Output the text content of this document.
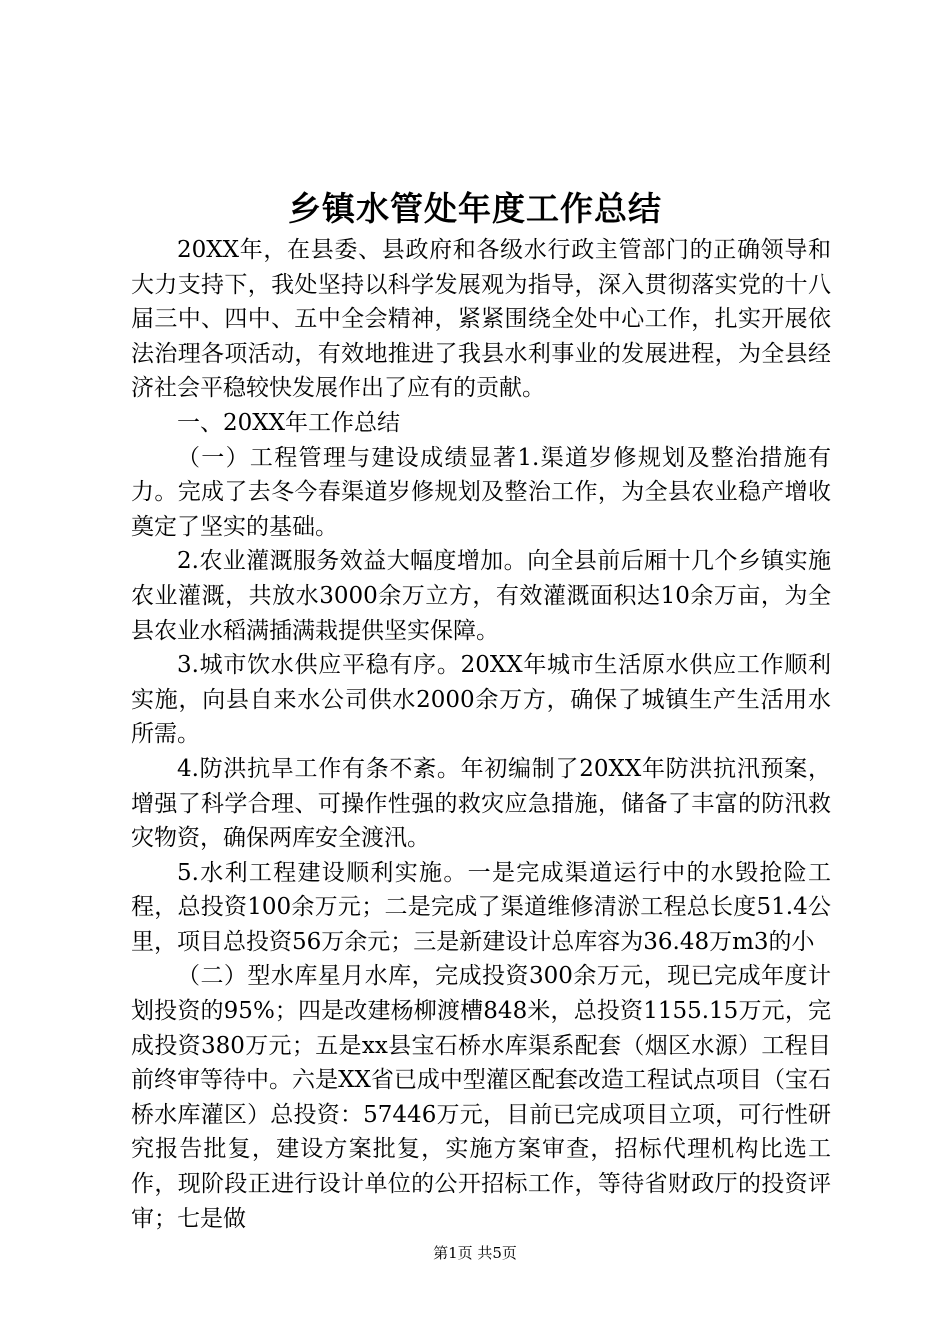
乡镇水管处年度工作总结

20XX年，在县委、县政府和各级水行政主管部门的正确领导和大力支持下，我处坚持以科学发展观为指导，深入贯彻落实党的十八届三中、四中、五中全会精神，紧紧围绕全处中心工作，扎实开展依法治理各项活动，有效地推进了我县水利事业的发展进程，为全县经济社会平稳较快发展作出了应有的贡献。

一、20XX年工作总结

（一）工程管理与建设成绩显著1.渠道岁修规划及整治措施有力。完成了去冬今春渠道岁修规划及整治工作，为全县农业稳产增收奠定了坚实的基础。

2.农业灌溉服务效益大幅度增加。向全县前后厢十几个乡镇实施农业灌溉，共放水3000余万立方，有效灌溉面积达10余万亩，为全县农业水稻满插满栽提供坚实保障。

3.城市饮水供应平稳有序。20XX年城市生活原水供应工作顺利实施，向县自来水公司供水2000余万方，确保了城镇生产生活用水所需。

4.防洪抗旱工作有条不紊。年初编制了20XX年防洪抗汛预案，增强了科学合理、可操作性强的救灾应急措施，储备了丰富的防汛救灾物资，确保两库安全渡汛。

5.水利工程建设顺利实施。一是完成渠道运行中的水毁抢险工程，总投资100余万元；二是完成了渠道维修清淤工程总长度51.4公里，项目总投资56万余元；三是新建设计总库容为36.48万m3的小

（二）型水库星月水库，完成投资300余万元，现已完成年度计划投资的95%；四是改建杨柳渡槽848米，总投资1155.15万元，完成投资380万元；五是xx县宝石桥水库渠系配套（烟区水源）工程目前终审等待中。六是XX省已成中型灌区配套改造工程试点项目（宝石桥水库灌区）总投资：57446万元，目前已完成项目立项，可行性研究报告批复，建设方案批复，实施方案审查，招标代理机构比选工作，现阶段正进行设计单位的公开招标工作，等待省财政厅的投资评审；七是做

第1页 共5页
